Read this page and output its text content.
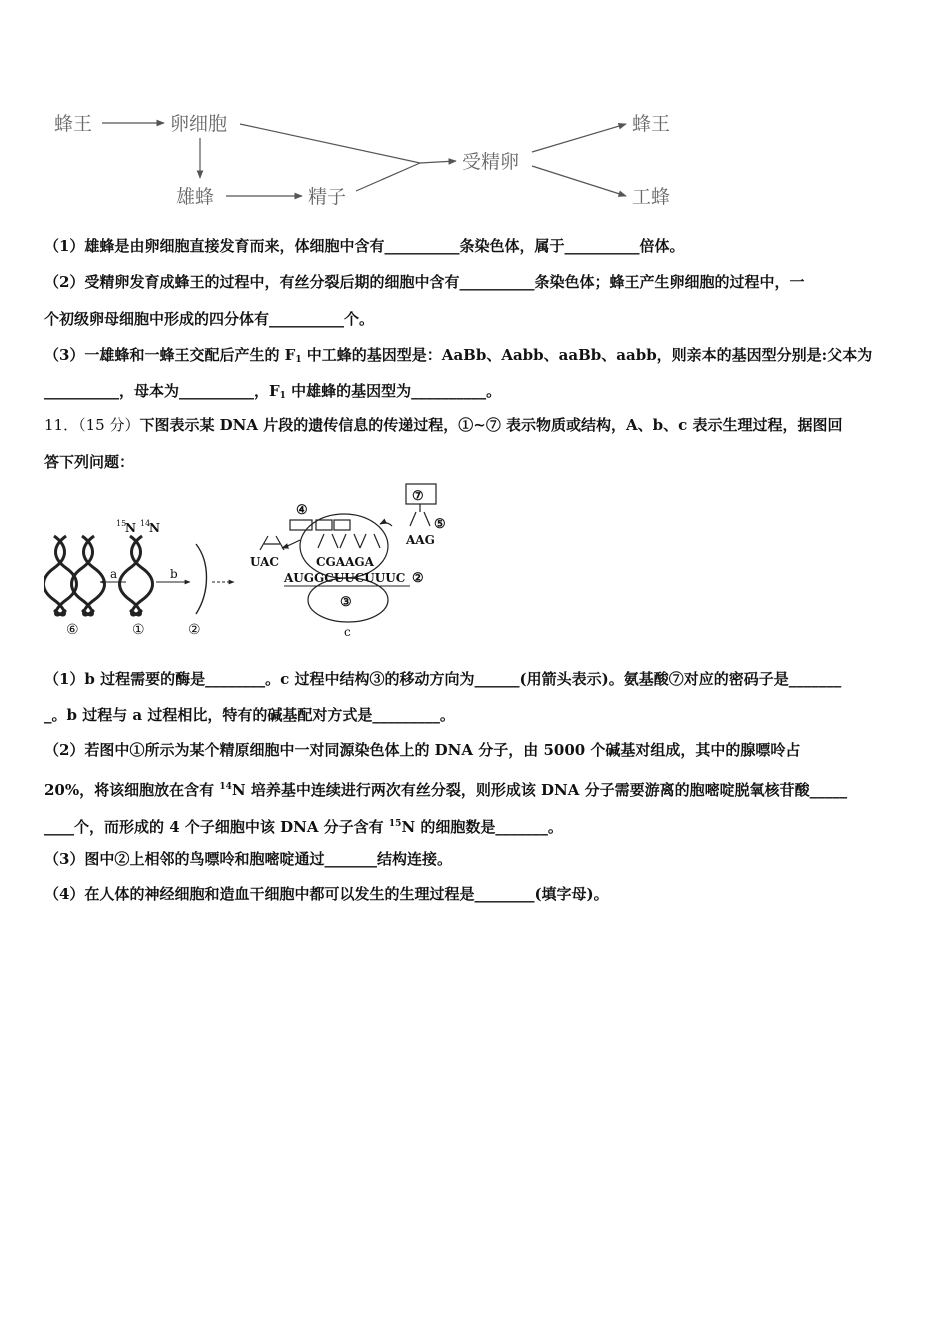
蜂王	卵细胞
雄蜂	精子
受精卵
蜂王
工蜂
（1）雄蜂是由卵细胞直接发育而来，体细胞中含有__________条染色体，属于__________倍体。
（2）受精卵发育成蜂王的过程中，有丝分裂后期的细胞中含有__________条染色体；蜂王产生卵细胞的过程中，一
个初级卵母细胞中形成的四分体有__________个。
（3）一雄蜂和一蜂王交配后产生的 $F_1$ 中工蜂的基因型是：AaBb、Aabb、aaBb、aabb，则亲本的基因型分别是:父本为
__________，母本为__________，$F_1$ 中雄蜂的基因型为__________。
11．（15 分）下图表示某 DNA 片段的遗传信息的传递过程，①~⑦ 表示物质或结构，A、b、c 表示生理过程，据图回
答下列问题：
15
N 14
N
a	b
⑥	①	②
④
⑦
⑤
UAC
AAG
CGAAGA
AUGGCUUCUUUC ②
③
c
（1）b 过程需要的酶是________。c 过程中结构③的移动方向为______(用箭头表示)。氨基酸⑦对应的密码子是_______
_。b 过程与 a 过程相比，特有的碱基配对方式是_________。
（2）若图中①所示为某个精原细胞中一对同源染色体上的 DNA 分子，由 5000 个碱基对组成，其中的腺嘌呤占
20%，将该细胞放在含有 $^{14}$N 培养基中连续进行两次有丝分裂，则形成该 DNA 分子需要游离的胞嘧啶脱氧核苷酸_____
____个，而形成的 4 个子细胞中该 DNA 分子含有 $^{15}$N 的细胞数是_______。
（3）图中②上相邻的鸟嘌呤和胞嘧啶通过_______结构连接。
（4）在人体的神经细胞和造血干细胞中都可以发生的生理过程是________(填字母)。
